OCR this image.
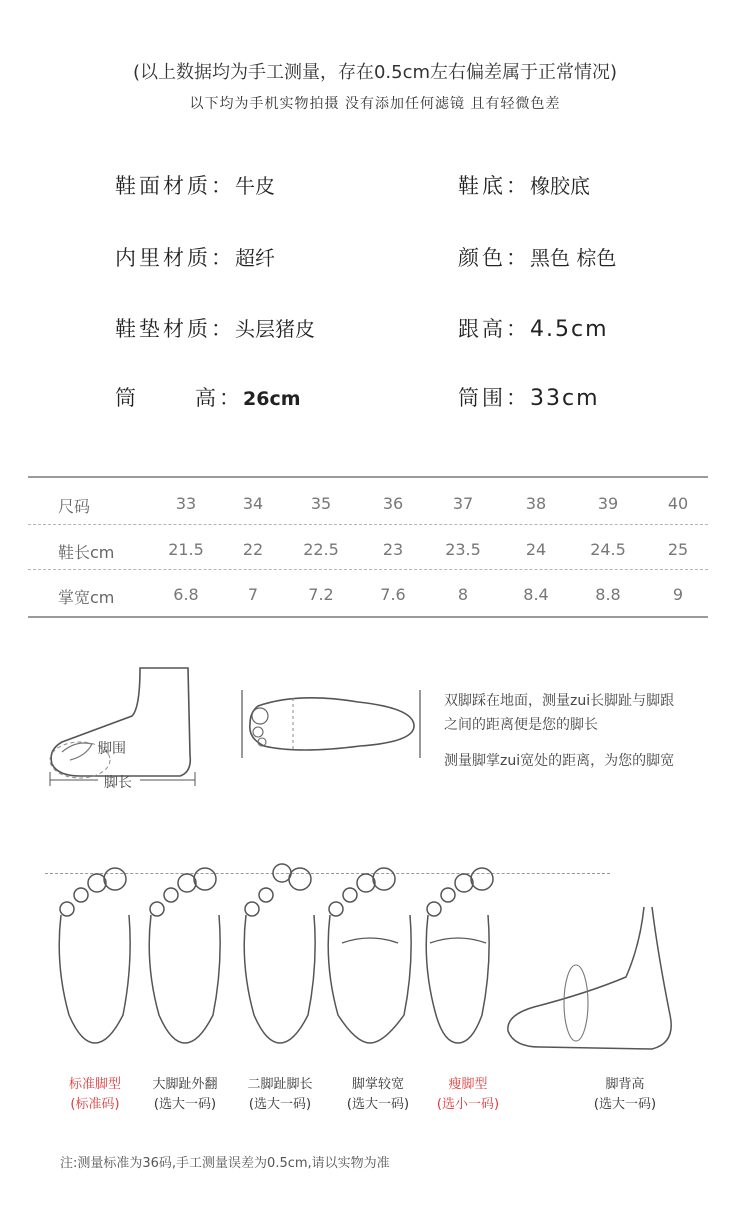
(以上数据均为手工测量，存在0.5cm左右偏差属于正常情况)
以下均为手机实物拍摄 没有添加任何滤镜 且有轻微色差
鞋面材质：牛皮	鞋底：橡胶底
内里材质：超纤	颜色：黑色 棕色
鞋垫材质：头层猪皮	跟高：4.5cm
筒	高：26cm	筒围：33cm
尺码	33	34	35	36	37	38	39	40
鞋长cm	21.5	22	22.5	23	23.5	24	24.5	25
掌宽cm	6.8	7	7.2	7.6	8	8.4	8.8	9
脚围
脚长
双脚踩在地面，测量zui长脚趾与脚跟
之间的距离便是您的脚长
测量脚掌zui宽处的距离，为您的脚宽
标准脚型
(标准码)
大脚趾外翻
(选大一码)
二脚趾脚长
(选大一码)
脚掌较宽
(选大一码)
瘦脚型
(选小一码)
脚背高
(选大一码)
注:测量标准为36码,手工测量误差为0.5cm,请以实物为准
